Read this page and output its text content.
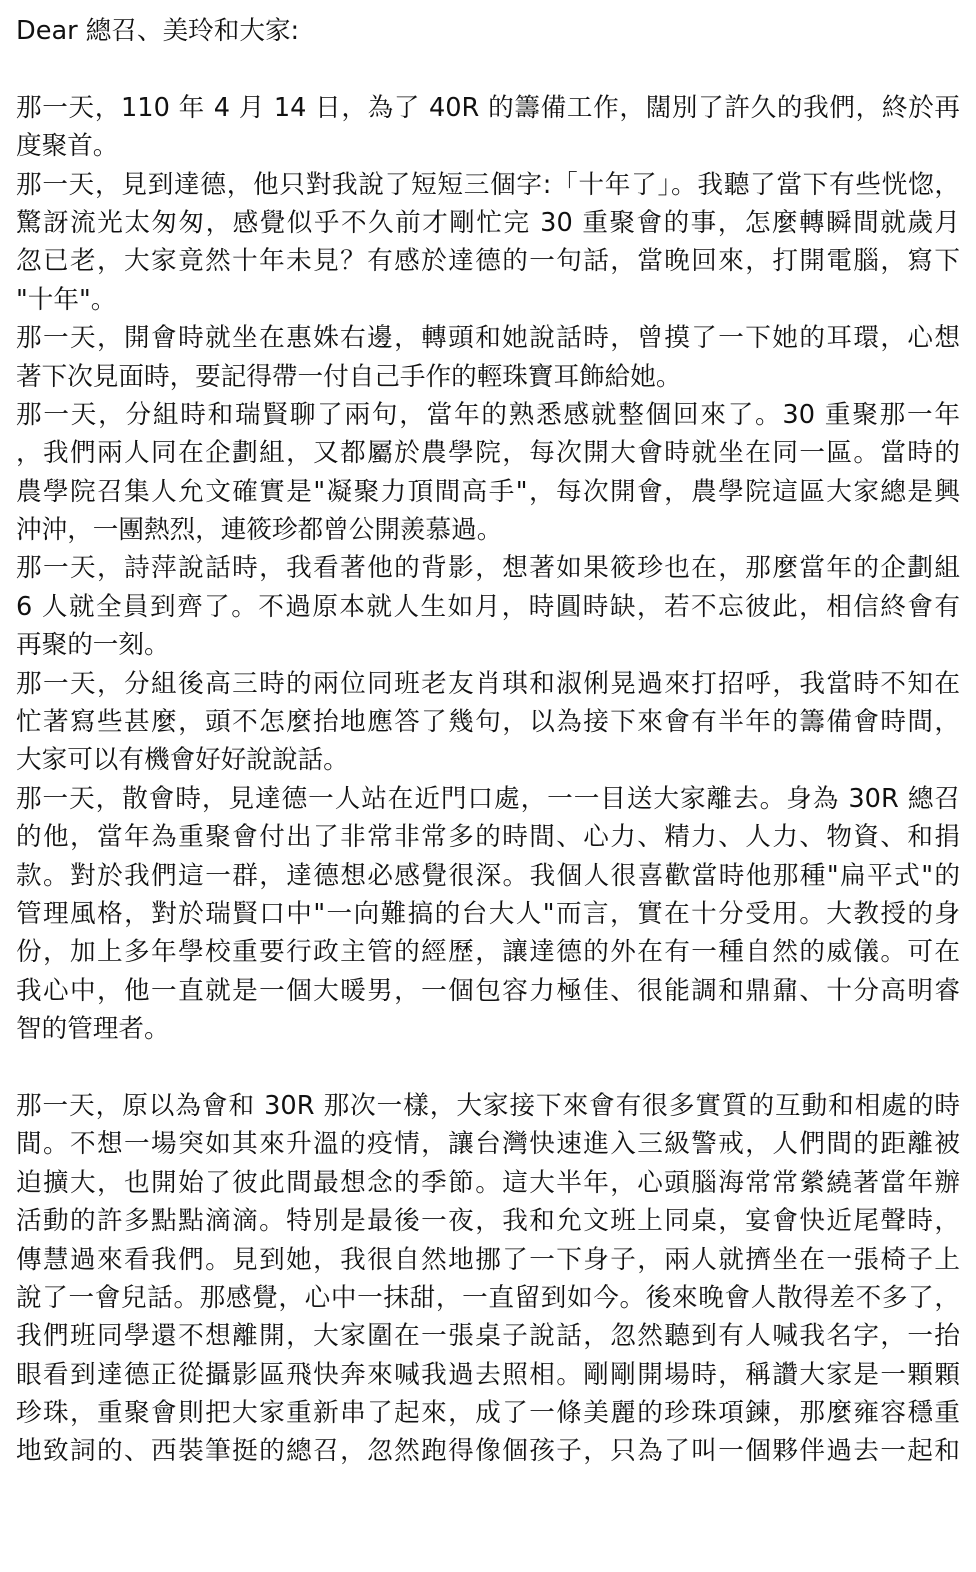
Dear 總召、美玲和大家:
那一天，110 年 4 月 14 日，為了 40R 的籌備工作，闊別了許久的我們，終於再
度聚首。
那一天，見到達德，他只對我說了短短三個字:「十年了」。我聽了當下有些恍惚，
驚訝流光太匆匆，感覺似乎不久前才剛忙完 30 重聚會的事，怎麼轉瞬間就歲月
忽已老，大家竟然十年未見？有感於達德的一句話，當晚回來，打開電腦，寫下
"十年"。
那一天，開會時就坐在惠姝右邊，轉頭和她說話時，曾摸了一下她的耳環，心想
著下次見面時，要記得帶一付自己手作的輕珠寶耳飾給她。
那一天，分組時和瑞賢聊了兩句，當年的熟悉感就整個回來了。30 重聚那一年
，我們兩人同在企劃組，又都屬於農學院，每次開大會時就坐在同一區。當時的
農學院召集人允文確實是"凝聚力頂間高手"，每次開會，農學院這區大家總是興
沖沖，一團熱烈，連筱珍都曾公開羨慕過。
那一天，詩萍說話時，我看著他的背影，想著如果筱珍也在，那麼當年的企劃組
6 人就全員到齊了。不過原本就人生如月，時圓時缺，若不忘彼此，相信終會有
再聚的一刻。
那一天，分組後高三時的兩位同班老友肖琪和淑俐晃過來打招呼，我當時不知在
忙著寫些甚麼，頭不怎麼抬地應答了幾句，以為接下來會有半年的籌備會時間，
大家可以有機會好好說說話。
那一天，散會時，見達德一人站在近門口處，一一目送大家離去。身為 30R 總召
的他，當年為重聚會付出了非常非常多的時間、心力、精力、人力、物資、和捐
款。對於我們這一群，達德想必感覺很深。我個人很喜歡當時他那種"扁平式"的
管理風格，對於瑞賢口中"一向難搞的台大人"而言，實在十分受用。大教授的身
份，加上多年學校重要行政主管的經歷，讓達德的外在有一種自然的威儀。可在
我心中，他一直就是一個大暖男，一個包容力極佳、很能調和鼎鼐、十分高明睿
智的管理者。
那一天，原以為會和 30R 那次一樣，大家接下來會有很多實質的互動和相處的時
間。不想一場突如其來升溫的疫情，讓台灣快速進入三級警戒，人們間的距離被
迫擴大，也開始了彼此間最想念的季節。這大半年，心頭腦海常常縈繞著當年辦
活動的許多點點滴滴。特別是最後一夜，我和允文班上同桌，宴會快近尾聲時，
傳慧過來看我們。見到她，我很自然地挪了一下身子，兩人就擠坐在一張椅子上
說了一會兒話。那感覺，心中一抹甜，一直留到如今。後來晚會人散得差不多了，
我們班同學還不想離開，大家圍在一張桌子說話，忽然聽到有人喊我名字，一抬
眼看到達德正從攝影區飛快奔來喊我過去照相。剛剛開場時，稱讚大家是一顆顆
珍珠，重聚會則把大家重新串了起來，成了一條美麗的珍珠項鍊，那麼雍容穩重
地致詞的、西裝筆挺的總召，忽然跑得像個孩子，只為了叫一個夥伴過去一起和
